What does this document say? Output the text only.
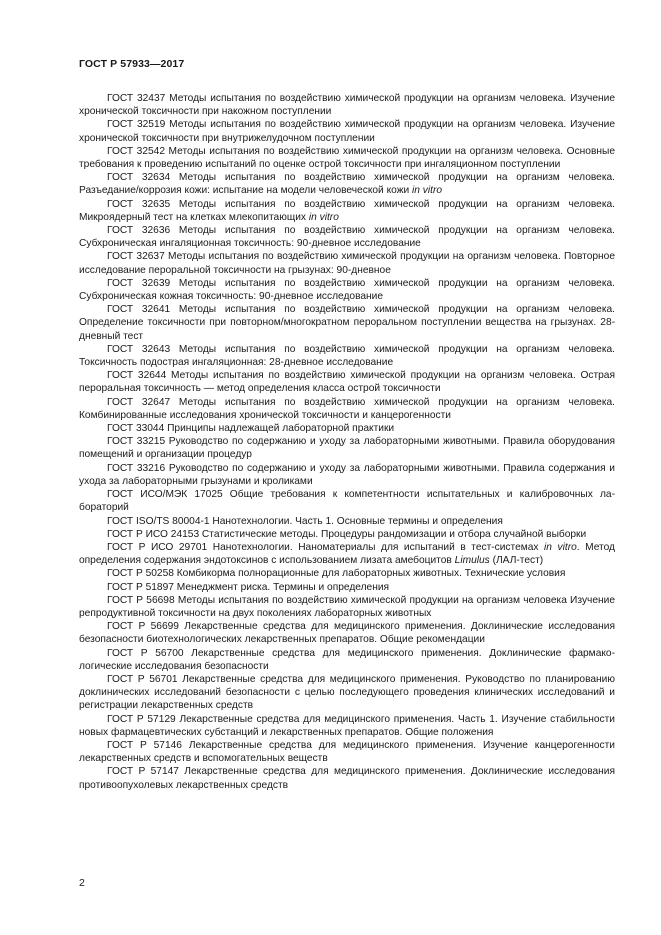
ГОСТ Р 57933—2017

ГОСТ 32437 Методы испытания по воздействию химической продукции на организм человека. Изучение хронической токсичности при накожном поступлении

ГОСТ 32519 Методы испытания по воздействию химической продукции на организм человека. Изучение хронической токсичности при внутрижелудочном поступлении

ГОСТ 32542 Методы испытания по воздействию химической продукции на организм человека. Основные требования к проведению испытаний по оценке острой токсичности при ингаляционном поступлении

ГОСТ 32634 Методы испытания по воздействию химической продукции на организм человека. Разъедание/коррозия кожи: испытание на модели человеческой кожи in vitro

ГОСТ 32635 Методы испытания по воздействию химической продукции на организм человека. Микроядерный тест на клетках млекопитающих in vitro

ГОСТ 32636 Методы испытания по воздействию химической продукции на организм человека. Субхроническая ингаляционная токсичность: 90-дневное исследование

ГОСТ 32637 Методы испытания по воздействию химической продукции на организм человека. Повторное исследование пероральной токсичности на грызунах: 90-дневное

ГОСТ 32639 Методы испытания по воздействию химической продукции на организм человека. Субхроническая кожная токсичность: 90-дневное исследование

ГОСТ 32641 Методы испытания по воздействию химической продукции на организм человека. Определение токсичности при повторном/многократном пероральном поступлении вещества на грызунах. 28-дневный тест

ГОСТ 32643 Методы испытания по воздействию химической продукции на организм человека. Токсичность подострая ингаляционная: 28-дневное исследование

ГОСТ 32644 Методы испытания по воздействию химической продукции на организм человека. Острая пероральная токсичность — метод определения класса острой токсичности

ГОСТ 32647 Методы испытания по воздействию химической продукции на организм человека. Комбинированные исследования хронической токсичности и канцерогенности

ГОСТ 33044 Принципы надлежащей лабораторной практики

ГОСТ 33215 Руководство по содержанию и уходу за лабораторными животными. Правила оборудования помещений и организации процедур

ГОСТ 33216 Руководство по содержанию и уходу за лабораторными животными. Правила содержания и ухода за лабораторными грызунами и кроликами

ГОСТ ИСО/МЭК 17025 Общие требования к компетентности испытательных и калибровочных лабораторий

ГОСТ ISO/TS 80004-1 Нанотехнологии. Часть 1. Основные термины и определения

ГОСТ Р ИСО 24153 Статистические методы. Процедуры рандомизации и отбора случайной выборки

ГОСТ Р ИСО 29701 Нанотехнологии. Наноматериалы для испытаний в тест-системах in vitro. Метод определения содержания эндотоксинов с использованием лизата амебоцитов Limulus (ЛАЛ-тест)

ГОСТ Р 50258 Комбикорма полнорационные для лабораторных животных. Технические условия

ГОСТ Р 51897 Менеджмент риска. Термины и определения

ГОСТ Р 56698 Методы испытания по воздействию химической продукции на организм человека Изучение репродуктивной токсичности на двух поколениях лабораторных животных

ГОСТ Р 56699 Лекарственные средства для медицинского применения. Доклинические исследования безопасности биотехнологических лекарственных препаратов. Общие рекомендации

ГОСТ Р 56700 Лекарственные средства для медицинского применения. Доклинические фармакологические исследования безопасности

ГОСТ Р 56701 Лекарственные средства для медицинского применения. Руководство по планированию доклинических исследований безопасности с целью последующего проведения клинических исследований и регистрации лекарственных средств

ГОСТ Р 57129 Лекарственные средства для медицинского применения. Часть 1. Изучение стабильности новых фармацевтических субстанций и лекарственных препаратов. Общие положения

ГОСТ Р 57146 Лекарственные средства для медицинского применения. Изучение канцерогенности лекарственных средств и вспомогательных веществ

ГОСТ Р 57147 Лекарственные средства для медицинского применения. Доклинические исследования противоопухолевых лекарственных средств

2
